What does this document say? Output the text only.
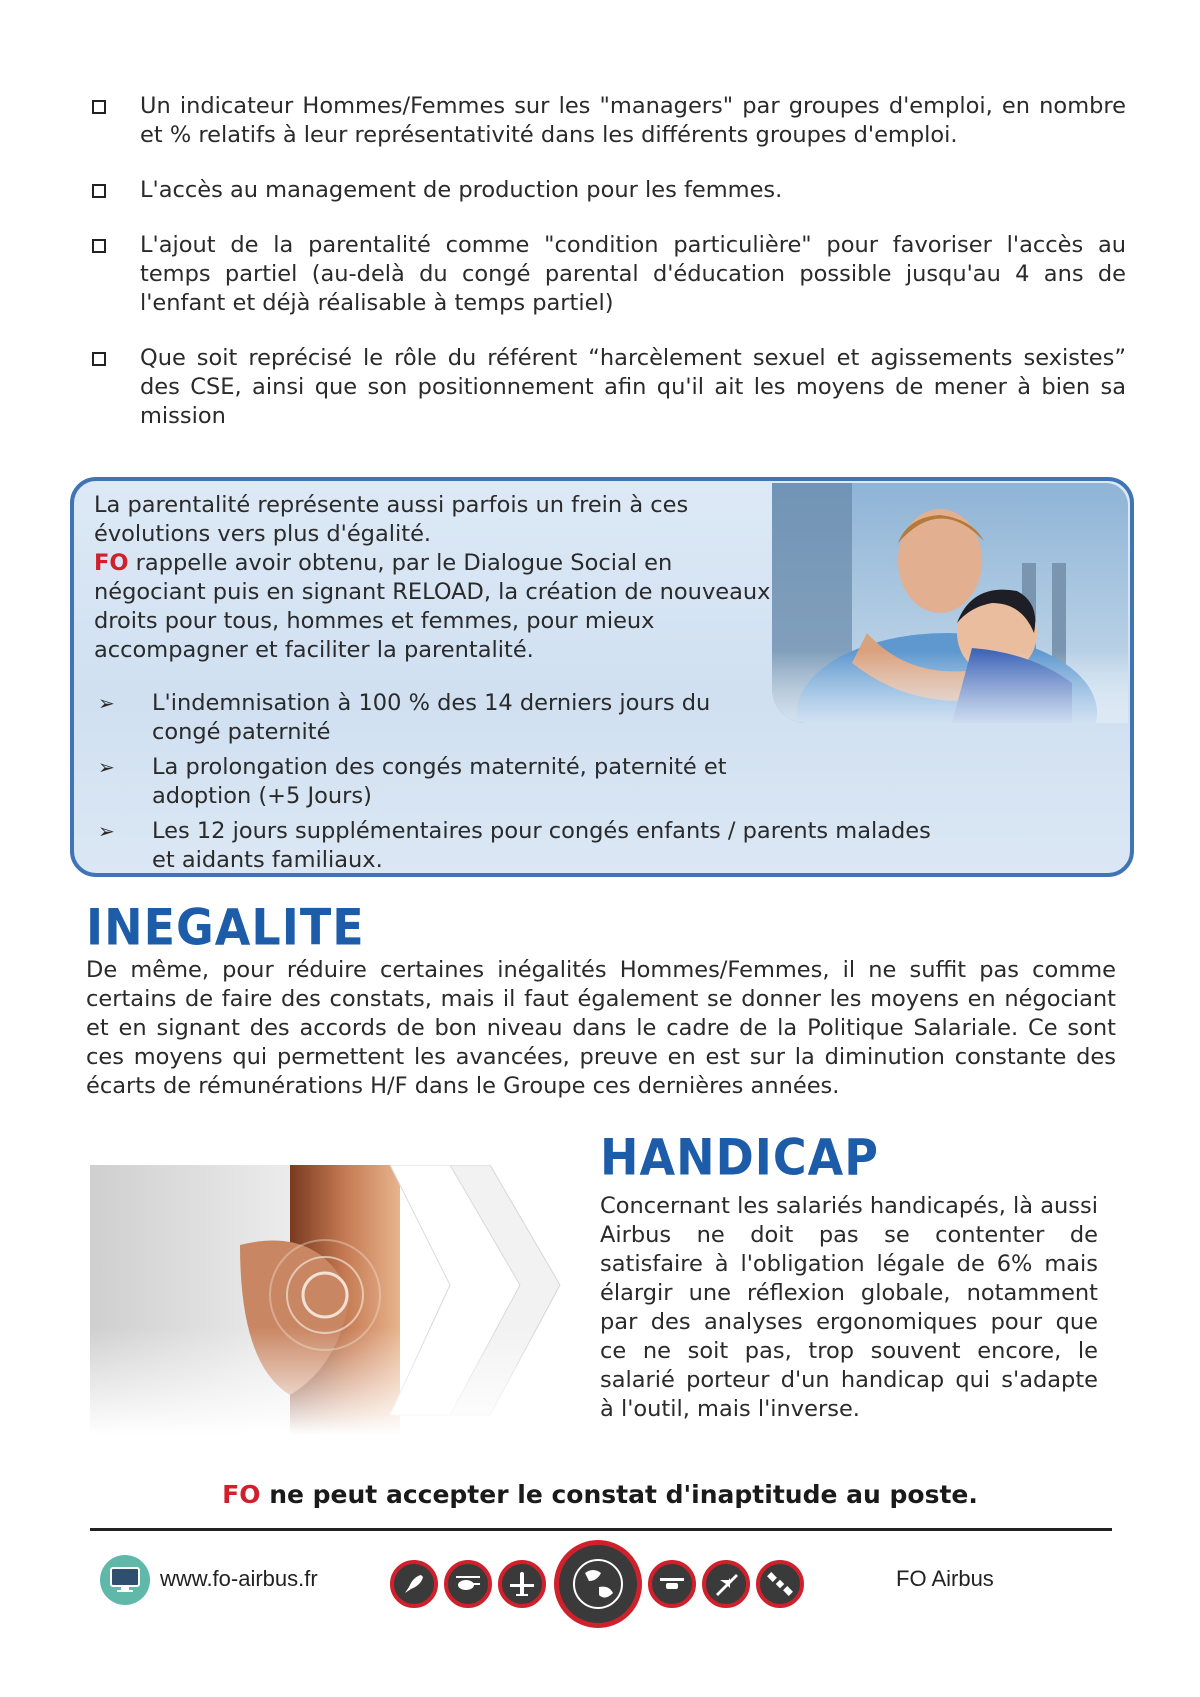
Un indicateur Hommes/Femmes sur les "managers" par groupes d'emploi, en nombre et % relatifs à leur représentativité dans les différents groupes d'emploi.
L'accès au management de production pour les femmes.
L'ajout de la parentalité comme "condition particulière" pour favoriser l'accès au temps partiel (au-delà du congé parental d'éducation possible jusqu'au 4 ans de l'enfant et déjà réalisable à temps partiel)
Que soit reprécisé le rôle du référent “harcèlement sexuel et agissements sexistes” des CSE, ainsi que son positionnement afin qu'il ait les moyens de mener à bien sa mission

La parentalité représente aussi parfois un frein à ces évolutions vers plus d'égalité.

FO rappelle avoir obtenu, par le Dialogue Social en négociant puis en signant RELOAD, la création de nouveaux droits pour tous, hommes et femmes, pour mieux accompagner et faciliter la parentalité.

➢	L'indemnisation à 100 % des 14 derniers jours du congé paternité
➢	La prolongation des congés maternité, paternité et adoption (+5 Jours)
➢	Les 12 jours supplémentaires pour congés enfants / parents malades et aidants familiaux.
INEGALITE
De même, pour réduire certaines inégalités Hommes/Femmes, il ne suffit pas comme certains de faire des constats, mais il faut également se donner les moyens en négociant et en signant des accords de bon niveau dans le cadre de la Politique Salariale. Ce sont ces moyens qui permettent les avancées, preuve en est sur la diminution constante des écarts de rémunérations H/F dans le Groupe ces dernières années.
HANDICAP
Concernant les salariés handicapés, là aussi Airbus ne doit pas se contenter de satisfaire à l'obligation légale de 6% mais élargir une réflexion globale, notamment par des analyses ergonomiques pour que ce ne soit pas, trop souvent encore, le salarié porteur d'un handicap qui s'adapte à l'outil, mais l'inverse.
FO ne peut accepter le constat d'inaptitude au poste.
www.fo-airbus.fr	FO Airbus
